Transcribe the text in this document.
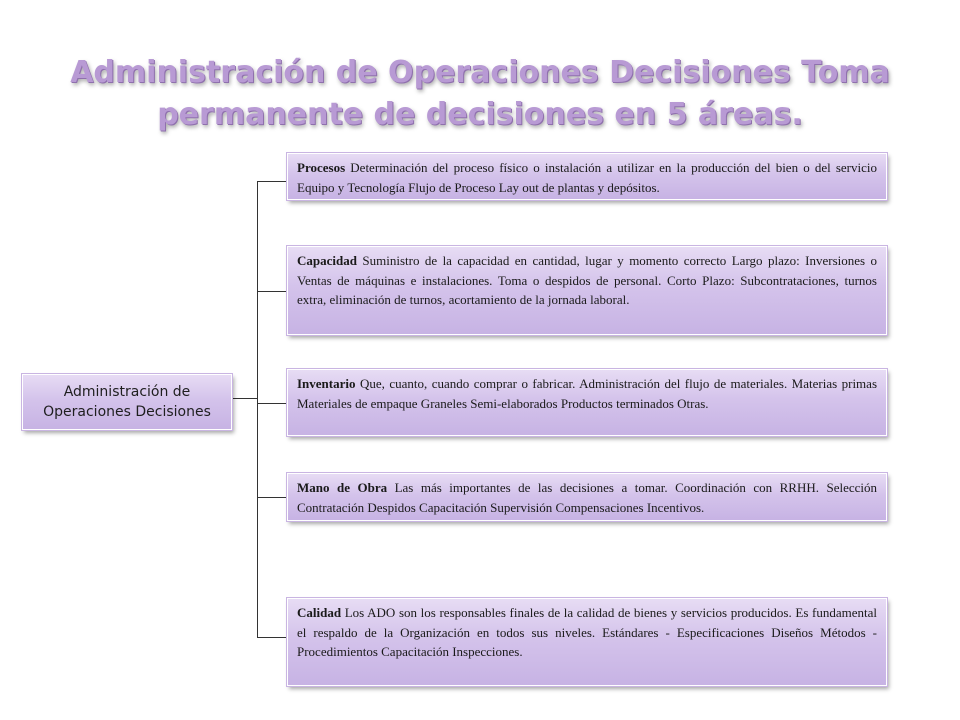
Administración de Operaciones Decisiones Toma permanente de decisiones en 5 áreas.
Administración de Operaciones Decisiones
Procesos Determinación del proceso físico o instalación a utilizar en la producción del bien o del servicio Equipo y Tecnología Flujo de Proceso Lay out de plantas y depósitos.
Capacidad Suministro de la capacidad en cantidad, lugar y momento correcto Largo plazo: Inversiones o Ventas de máquinas e instalaciones. Toma o despidos de personal. Corto Plazo: Subcontrataciones, turnos extra, eliminación de turnos, acortamiento de la jornada laboral.
Inventario Que, cuanto, cuando comprar o fabricar. Administración del flujo de materiales. Materias primas Materiales de empaque Graneles Semi-elaborados Productos terminados Otras.
Mano de Obra Las más importantes de las decisiones a tomar. Coordinación con RRHH. Selección Contratación Despidos Capacitación Supervisión Compensaciones Incentivos.
Calidad Los ADO son los responsables finales de la calidad de bienes y servicios producidos. Es fundamental el respaldo de la Organización en todos sus niveles. Estándares - Especificaciones Diseños Métodos - Procedimientos Capacitación Inspecciones.
